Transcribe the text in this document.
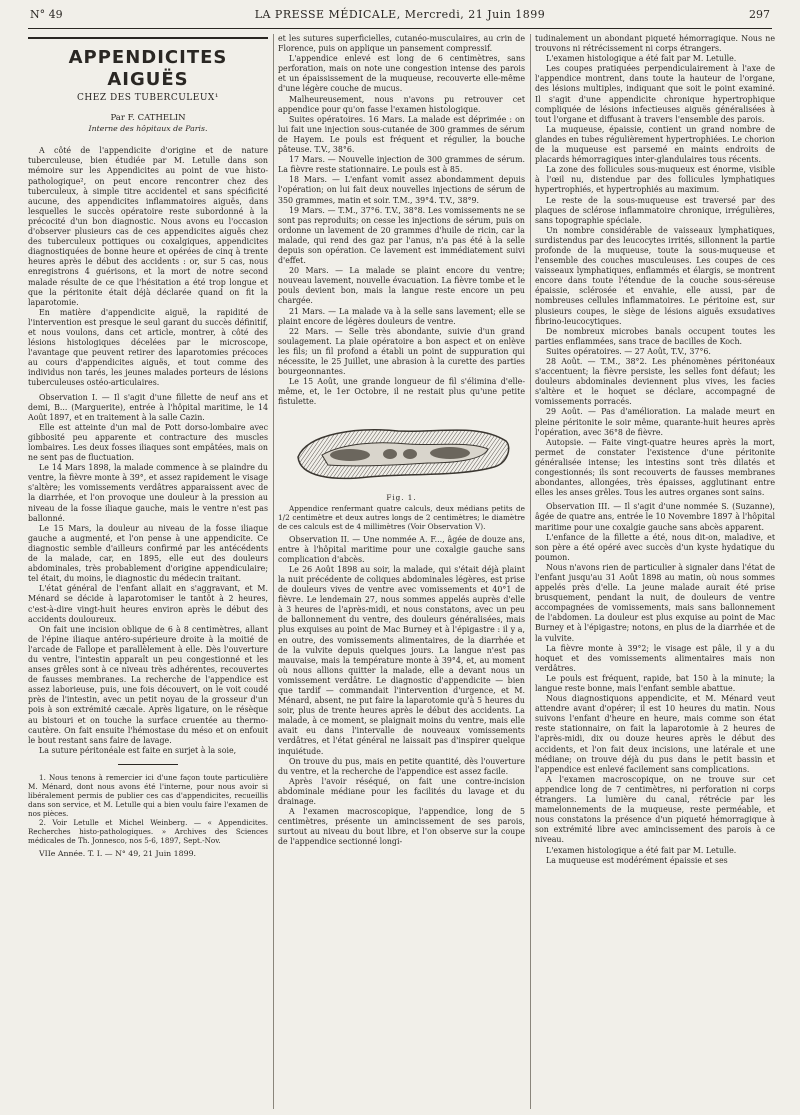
N° 49	LA PRESSE MÉDICALE, Mercredi, 21 Juin 1899	297
APPENDICITES AIGUËS
CHEZ DES TUBERCULEUX¹
Par F. CATHELIN
Interne des hôpitaux de Paris.

A côté de l'appendicite d'origine et de nature tuberculeuse, bien étudiée par M. Letulle dans son mémoire sur les Appendicites au point de vue histo-pathologique², on peut encore rencontrer chez des tuberculeux, à simple titre accidentel et sans spécificité aucune, des appendicites inflammatoires aiguës, dans lesquelles le succès opératoire reste subordonné à la précocité d'un bon diagnostic. Nous avons eu l'occasion d'observer plusieurs cas de ces appendicites aiguës chez des tuberculeux pottiques ou coxalgiques, appendicites diagnostiquées de bonne heure et opérées de cinq à trente heures après le début des accidents : or, sur 5 cas, nous enregistrons 4 guérisons, et la mort de notre second malade résulte de ce que l'hésitation a été trop longue et que la péritonite était déjà déclarée quand on fit la laparotomie.

En matière d'appendicite aiguë, la rapidité de l'intervention est presque le seul garant du succès définitif, et nous voulons, dans cet article, montrer, à côté des lésions histologiques décelées par le microscope, l'avantage que peuvent retirer des laparotomies précoces au cours d'appendicites aiguës, et tout comme des individus non tarés, les jeunes malades porteurs de lésions tuberculeuses ostéo-articulaires.

Observation I. — Il s'agit d'une fillette de neuf ans et demi, B... (Marguerite), entrée à l'hôpital maritime, le 14 Août 1897, et en traitement à la salle Cazin.

Elle est atteinte d'un mal de Pott dorso-lombaire avec gibbosité peu apparente et contracture des muscles lombaires. Les deux fosses iliaques sont empâtées, mais on ne sent pas de fluctuation.

Le 14 Mars 1898, la malade commence à se plaindre du ventre, la fièvre monte à 39°, et assez rapidement le visage s'altère; les vomissements verdâtres apparaissent avec de la diarrhée, et l'on provoque une douleur à la pression au niveau de la fosse iliaque gauche, mais le ventre n'est pas ballonné.

Le 15 Mars, la douleur au niveau de la fosse iliaque gauche a augmenté, et l'on pense à une appendicite. Ce diagnostic semble d'ailleurs confirmé par les antécédents de la malade, car, en 1895, elle eut des douleurs abdominales, très probablement d'origine appendiculaire; tel était, du moins, le diagnostic du médecin traitant.

L'état général de l'enfant allait en s'aggravant, et M. Ménard se décide à laparotomiser le tantôt à 2 heures, c'est-à-dire vingt-huit heures environ après le début des accidents douloureux.

On fait une incision oblique de 6 à 8 centimètres, allant de l'épine iliaque antéro-supérieure droite à la moitié de l'arcade de Fallope et parallèlement à elle. Dès l'ouverture du ventre, l'intestin apparaît un peu congestionné et les anses grêles sont à ce niveau très adhérentes, recouvertes de fausses membranes. La recherche de l'appendice est assez laborieuse, puis, une fois découvert, on le voit coudé près de l'intestin, avec un petit noyau de la grosseur d'un pois à son extrémité cæcale. Après ligature, on le résèque au bistouri et on touche la surface cruentée au thermo-cautère. On fait ensuite l'hémostase du méso et on enfouit le bout restant sans faire de lavage.

La suture péritonéale est faite en surjet à la soie,

1. Nous tenons à remercier ici d'une façon toute particulière M. Ménard, dont nous avons été l'interne, pour nous avoir si libéralement permis de publier ces cas d'appendicites, recueillis dans son service, et M. Letulle qui a bien voulu faire l'examen de nos pièces.

2. Voir Letulle et Michel Weinberg. — « Appendicites. Recherches histo-pathologiques. » Archives des Sciences médicales de Th. Jonnesco, nos 5-6, 1897, Sept.-Nov.

VIIe Année. T. I. — N° 49, 21 Juin 1899.

et les sutures superficielles, cutanéo-musculaires, au crin de Florence, puis on applique un pansement compressif.

L'appendice enlevé est long de 6 centimètres, sans perforation, mais on note une congestion intense des parois et un épaississement de la muqueuse, recouverte elle-même d'une légère couche de mucus.

Malheureusement, nous n'avons pu retrouver cet appendice pour qu'on fasse l'examen histologique.

Suites opératoires. 16 Mars. La malade est déprimée : on lui fait une injection sous-cutanée de 300 grammes de sérum de Hayem. Le pouls est fréquent et régulier, la bouche pâteuse. T.V., 38°6.

17 Mars. — Nouvelle injection de 300 grammes de sérum. La fièvre reste stationnaire. Le pouls est à 85.

18 Mars. — L'enfant vomit assez abondamment depuis l'opération; on lui fait deux nouvelles injections de sérum de 350 grammes, matin et soir. T.M., 39°4. T.V., 38°9.

19 Mars. — T.M., 37°6. T.V., 38°8. Les vomissements ne se sont pas reproduits; on cesse les injections de sérum, puis on ordonne un lavement de 20 grammes d'huile de ricin, car la malade, qui rend des gaz par l'anus, n'a pas été à la selle depuis son opération. Ce lavement est immédiatement suivi d'effet.

20 Mars. — La malade se plaint encore du ventre; nouveau lavement, nouvelle évacuation. La fièvre tombe et le pouls devient bon, mais la langue reste encore un peu chargée.

21 Mars. — La malade va à la selle sans lavement; elle se plaint encore de légères douleurs de ventre.

22 Mars. — Selle très abondante, suivie d'un grand soulagement. La plaie opératoire a bon aspect et on enlève les fils; un fil profond a établi un point de suppuration qui nécessite, le 25 Juillet, une abrasion à la curette des parties bourgeonnantes.

Le 15 Août, une grande longueur de fil s'élimina d'elle-même, et, le 1er Octobre, il ne restait plus qu'une petite fistulette.

Fig. 1.
Appendice renfermant quatre calculs, deux médians petits de 1/2 centimètre et deux autres longs de 2 centimètres; le diamètre de ces calculs est de 4 millimètres (Voir Observation V).

Observation II. — Une nommée A. F..., âgée de douze ans, entre à l'hôpital maritime pour une coxalgie gauche sans complication d'abcès.

Le 26 Août 1898 au soir, la malade, qui s'était déjà plaint la nuit précédente de coliques abdominales légères, est prise de douleurs vives de ventre avec vomissements et 40°1 de fièvre. Le lendemain 27, nous sommes appelés auprès d'elle à 3 heures de l'après-midi, et nous constatons, avec un peu de ballonnement du ventre, des douleurs généralisées, mais plus exquises au point de Mac Burney et à l'épigastre : il y a, en outre, des vomissements alimentaires, de la diarrhée et de la vulvite depuis quelques jours. La langue n'est pas mauvaise, mais la température monte à 39°4, et, au moment où nous allions quitter la malade, elle a devant nous un vomissement verdâtre. Le diagnostic d'appendicite — bien que tardif — commandait l'intervention d'urgence, et M. Ménard, absent, ne put faire la laparotomie qu'à 5 heures du soir, plus de trente heures après le début des accidents. La malade, à ce moment, se plaignait moins du ventre, mais elle avait eu dans l'intervalle de nouveaux vomissements verdâtres, et l'état général ne laissait pas d'inspirer quelque inquiétude.

On trouve du pus, mais en petite quantité, dès l'ouverture du ventre, et la recherche de l'appendice est assez facile.

Après l'avoir réséqué, on fait une contre-incision abdominale médiane pour les facilités du lavage et du drainage.

A l'examen macroscopique, l'appendice, long de 5 centimètres, présente un amincissement de ses parois, surtout au niveau du bout libre, et l'on observe sur la coupe de l'appendice sectionné longi-

tudinalement un abondant piqueté hémorragique. Nous ne trouvons ni rétrécissement ni corps étrangers.

L'examen histologique a été fait par M. Letulle.

Les coupes pratiquées perpendiculairement à l'axe de l'appendice montrent, dans toute la hauteur de l'organe, des lésions multiples, indiquant que soit le point examiné. Il s'agit d'une appendicite chronique hypertrophique compliquée de lésions infectieuses aiguës généralisées à tout l'organe et diffusant à travers l'ensemble des parois.

La muqueuse, épaissie, contient un grand nombre de glandes en tubes régulièrement hypertrophiées. Le chorion de la muqueuse est parsemé en maints endroits de placards hémorragiques inter-glandulaires tous récents.

La zone des follicules sous-muqueux est énorme, visible à l'œil nu, distendue par des follicules lymphatiques hypertrophiés, et hypertrophiés au maximum.

Le reste de la sous-muqueuse est traversé par des plaques de sclérose inflammatoire chronique, irrégulières, sans topographie spéciale.

Un nombre considérable de vaisseaux lymphatiques, surdistendus par des leucocytes irrités, sillonnent la partie profonde de la muqueuse, toute la sous-muqueuse et l'ensemble des couches musculeuses. Les coupes de ces vaisseaux lymphatiques, enflammés et élargis, se montrent encore dans toute l'étendue de la couche sous-séreuse épaissie, sclérosée et envahie, elle aussi, par de nombreuses cellules inflammatoires. Le péritoine est, sur plusieurs coupes, le siège de lésions aiguës exsudatives fibrino-leucocytiques.

De nombreux microbes banals occupent toutes les parties enflammées, sans trace de bacilles de Koch.

Suites opératoires. — 27 Août, T.V., 37°6.

28 Août. — T.M., 38°2. Les phénomènes péritonéaux s'accentuent; la fièvre persiste, les selles font défaut; les douleurs abdominales deviennent plus vives, les facies s'altère et le hoquet se déclare, accompagné de vomissements porracés.

29 Août. — Pas d'amélioration. La malade meurt en pleine péritonite le soir même, quarante-huit heures après l'opération, avec 36°8 de fièvre.

Autopsie. — Faite vingt-quatre heures après la mort, permet de constater l'existence d'une péritonite généralisée intense; les intestins sont très dilatés et congestionnés; ils sont recouverts de fausses membranes abondantes, allongées, très épaisses, agglutinant entre elles les anses grêles. Tous les autres organes sont sains.

Observation III. — Il s'agit d'une nommée S. (Suzanne), âgée de quatre ans, entrée le 10 Novembre 1897 à l'hôpital maritime pour une coxalgie gauche sans abcès apparent.

L'enfance de la fillette a été, nous dit-on, maladive, et son père a été opéré avec succès d'un kyste hydatique du poumon.

Nous n'avons rien de particulier à signaler dans l'état de l'enfant jusqu'au 31 Août 1898 au matin, où nous sommes appelés près d'elle. La jeune malade aurait été prise brusquement, pendant la nuit, de douleurs de ventre accompagnées de vomissements, mais sans ballonnement de l'abdomen. La douleur est plus exquise au point de Mac Burney et à l'épigastre; notons, en plus de la diarrhée et de la vulvite.

La fièvre monte à 39°2; le visage est pâle, il y a du hoquet et des vomissements alimentaires mais non verdâtres.

Le pouls est fréquent, rapide, bat 150 à la minute; la langue reste bonne, mais l'enfant semble abattue.

Nous diagnostiquons appendicite, et M. Ménard veut attendre avant d'opérer; il est 10 heures du matin. Nous suivons l'enfant d'heure en heure, mais comme son état reste stationnaire, on fait la laparotomie à 2 heures de l'après-midi, dix ou douze heures après le début des accidents, et l'on fait deux incisions, une latérale et une médiane; on trouve déjà du pus dans le petit bassin et l'appendice est enlevé facilement sans complications.

A l'examen macroscopique, on ne trouve sur cet appendice long de 7 centimètres, ni perforation ni corps étrangers. La lumière du canal, rétrécie par les mamelonnements de la muqueuse, reste perméable, et nous constatons la présence d'un piqueté hémorragique à son extrémité libre avec amincissement des parois à ce niveau.

L'examen histologique a été fait par M. Letulle.

La muqueuse est modérément épaissie et ses
